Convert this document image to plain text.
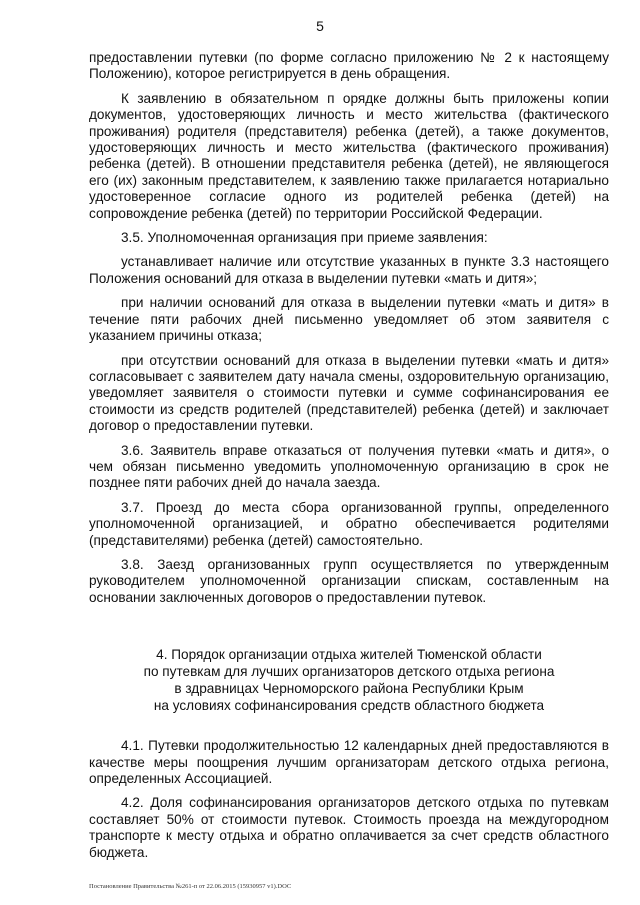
5

предоставлении путевки (по форме согласно приложению № 2 к настоящему Положению), которое регистрируется в день обращения.

К заявлению в обязательном п орядке должны быть приложены копии документов, удостоверяющих личность и место жительства (фактического проживания) родителя (представителя) ребенка (детей), а также документов, удостоверяющих личность и место жительства (фактического проживания) ребенка (детей). В отношении представителя ребенка (детей), не являющегося его (их) законным представителем, к заявлению также прилагается нотариально удостоверенное согласие одного из родителей ребенка (детей) на сопровождение ребенка (детей) по территории Российской Федерации.

3.5. Уполномоченная организация при приеме заявления:

устанавливает наличие или отсутствие указанных в пункте 3.3 настоящего Положения оснований для отказа в выделении путевки «мать и дитя»;

при наличии оснований для отказа в выделении путевки «мать и дитя» в течение пяти рабочих дней письменно уведомляет об этом заявителя с указанием причины отказа;

при отсутствии оснований для отказа в выделении путевки «мать и дитя» согласовывает с заявителем дату начала смены, оздоровительную организацию, уведомляет заявителя о стоимости путевки и сумме софинансирования ее стоимости из средств родителей (представителей) ребенка (детей) и заключает договор о предоставлении путевки.

3.6. Заявитель вправе отказаться от получения путевки «мать и дитя», о чем обязан письменно уведомить уполномоченную организацию в срок не позднее пяти рабочих дней до начала заезда.

3.7. Проезд до места сбора организованной группы, определенного уполномоченной организацией, и обратно обеспечивается родителями (представителями) ребенка (детей) самостоятельно.

3.8. Заезд организованных групп осуществляется по утвержденным руководителем уполномоченной организации спискам, составленным на основании заключенных договоров о предоставлении путевок.

4. Порядок организации отдыха жителей Тюменской области
по путевкам для лучших организаторов детского отдыха региона
в здравницах Черноморского района Республики Крым
на условиях софинансирования средств областного бюджета

4.1. Путевки продолжительностью 12 календарных дней предоставляются в качестве меры поощрения лучшим организаторам детского отдыха региона, определенных Ассоциацией.

4.2. Доля софинансирования организаторов детского отдыха по путевкам составляет 50% от стоимости путевок. Стоимость проезда на междугородном транспорте к месту отдыха и обратно оплачивается за счет средств областного бюджета.

Постановление Правительства №261-п от 22.06.2015 (15930957 v1).DOC
